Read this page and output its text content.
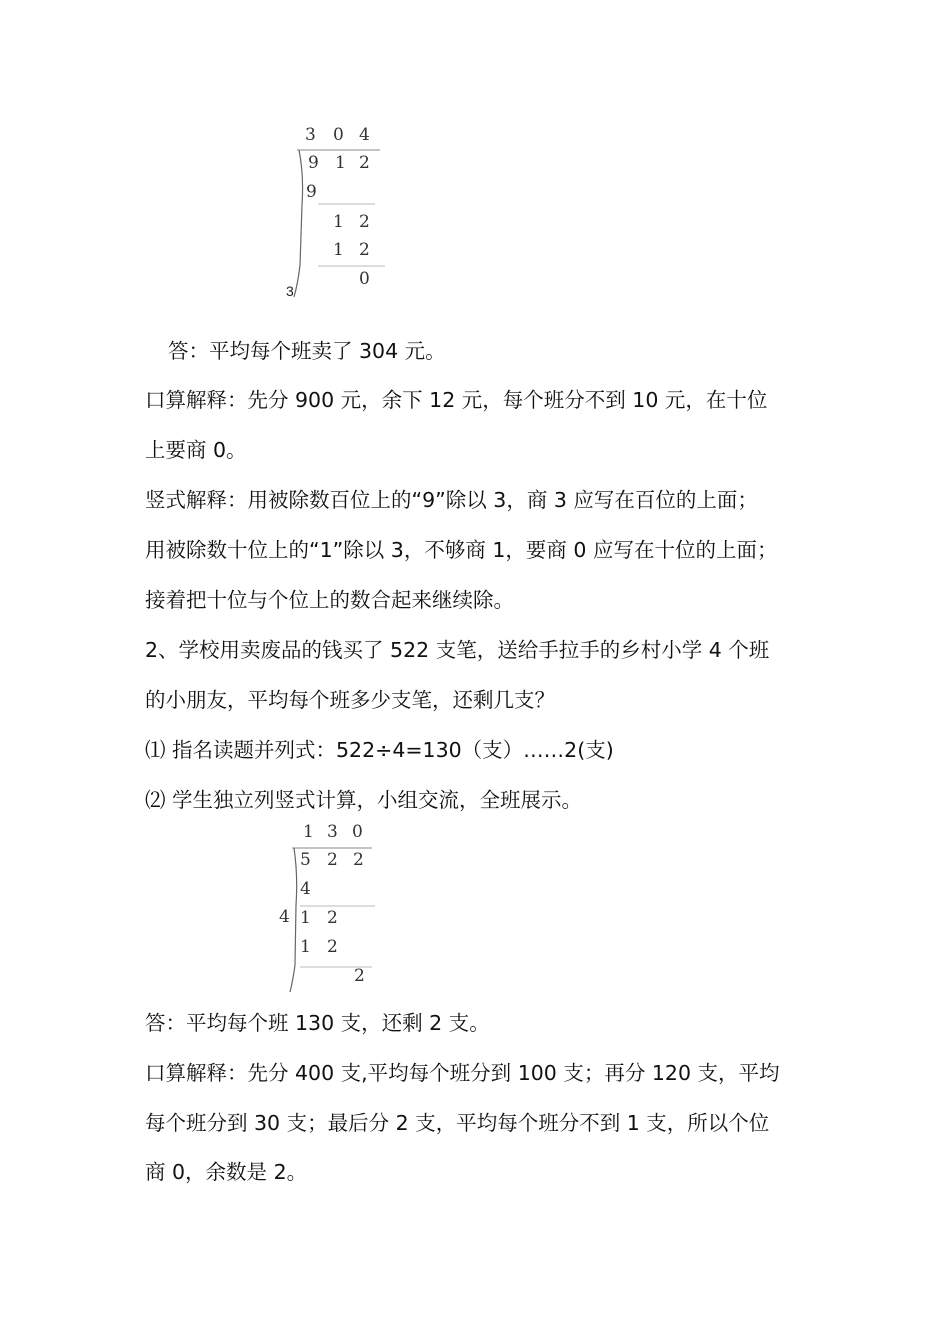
3 0 4
9 1 2
9
1 2
1 2
0
3
答：平均每个班卖了 304 元。
口算解释：先分 900 元，余下 12 元，每个班分不到 10 元，在十位
上要商 0。
竖式解释：用被除数百位上的“9”除以 3，商 3 应写在百位的上面；
用被除数十位上的“1”除以 3，不够商 1，要商 0 应写在十位的上面；
接着把十位与个位上的数合起来继续除。
2、学校用卖废品的钱买了 522 支笔，送给手拉手的乡村小学 4 个班
的小朋友，平均每个班多少支笔，还剩几支？
⑴ 指名读题并列式：522÷4=130（支）……2(支)
⑵ 学生独立列竖式计算，小组交流，全班展示。
1 3 0
5 2 2
4
1 2
1 2
2
4
答：平均每个班 130 支，还剩 2 支。
口算解释：先分 400 支,平均每个班分到 100 支；再分 120 支，平均
每个班分到 30 支；最后分 2 支，平均每个班分不到 1 支，所以个位
商 0，余数是 2。
